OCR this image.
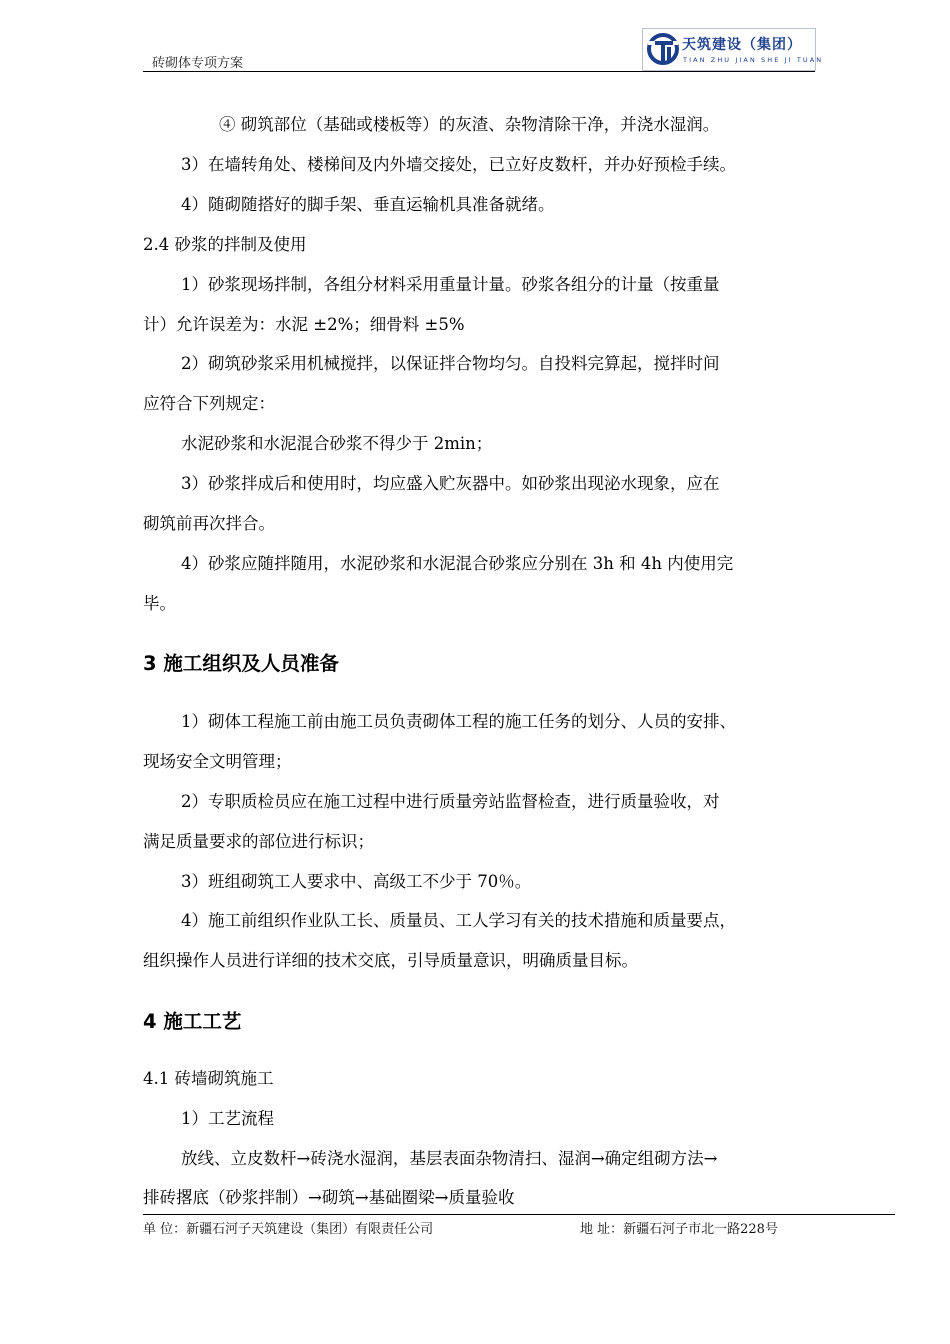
砖砌体专项方案
天筑建设（集团）
TIAN ZHU JIAN SHE JI TUAN
④ 砌筑部位（基础或楼板等）的灰渣、杂物清除干净，并浇水湿润。
3）在墙转角处、楼梯间及内外墙交接处，已立好皮数杆，并办好预检手续。
4）随砌随搭好的脚手架、垂直运输机具准备就绪。
2.4 砂浆的拌制及使用
1）砂浆现场拌制，各组分材料采用重量计量。砂浆各组分的计量（按重量
计）允许误差为：水泥 ±2%；细骨料 ±5%
2）砌筑砂浆采用机械搅拌，以保证拌合物均匀。自投料完算起，搅拌时间
应符合下列规定：
水泥砂浆和水泥混合砂浆不得少于 2min；
3）砂浆拌成后和使用时，均应盛入贮灰器中。如砂浆出现泌水现象，应在
砌筑前再次拌合。
4）砂浆应随拌随用，水泥砂浆和水泥混合砂浆应分别在 3h 和 4h 内使用完
毕。
3 施工组织及人员准备
1）砌体工程施工前由施工员负责砌体工程的施工任务的划分、人员的安排、
现场安全文明管理；
2）专职质检员应在施工过程中进行质量旁站监督检查，进行质量验收，对
满足质量要求的部位进行标识；
3）班组砌筑工人要求中、高级工不少于 70％。
4）施工前组织作业队工长、质量员、工人学习有关的技术措施和质量要点，
组织操作人员进行详细的技术交底，引导质量意识，明确质量目标。
4 施工工艺
4.1 砖墙砌筑施工
1）工艺流程
放线、立皮数杆→砖浇水湿润，基层表面杂物清扫、湿润→确定组砌方法→
排砖撂底（砂浆拌制）→砌筑→基础圈梁→质量验收
单 位：新疆石河子天筑建设（集团）有限责任公司	地 址：新疆石河子市北一路228号
